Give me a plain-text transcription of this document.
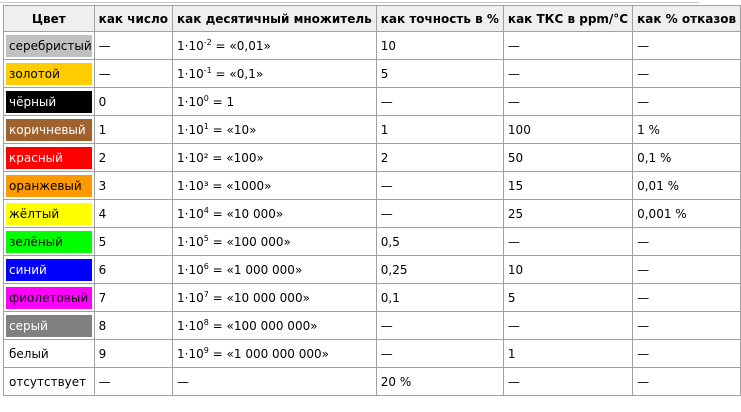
Цвет	как число	как десятичный множитель	как точность в %	как ТКС в ppm/°C	как % отказов

серебристый	—	$1\cdot 10^{-2}$ = «0,01»	10	—	—

золотой	—	$1\cdot 10^{-1}$ = «0,1»	5	—	—

чёрный	0	$1\cdot 10^0 = 1$	—	—	—

коричневый	1	$1\cdot 10^1$ = «10»	1	100	1 %

красный	2	1·10² = «100»	2	50	0,1 %

оранжевый	3	1·10³ = «1000»	—	15	0,01 %

жёлтый	4	$1\cdot 10^4$ = «10 000»	—	25	0,001 %

зелёный	5	$1\cdot 10^5$ = «100 000»	0,5	—	—

синий	6	$1\cdot 10^6$ = «1 000 000»	0,25	10	—

фиолетовый	7	$1\cdot 10^7$ = «10 000 000»	0,1	5	—

серый	8	$1\cdot 10^8$ = «100 000 000»	—	—	—

белый	9	$1\cdot 10^9$ = «1 000 000 000»	—	1	—

отсутствует	—	—	20 %	—	—
